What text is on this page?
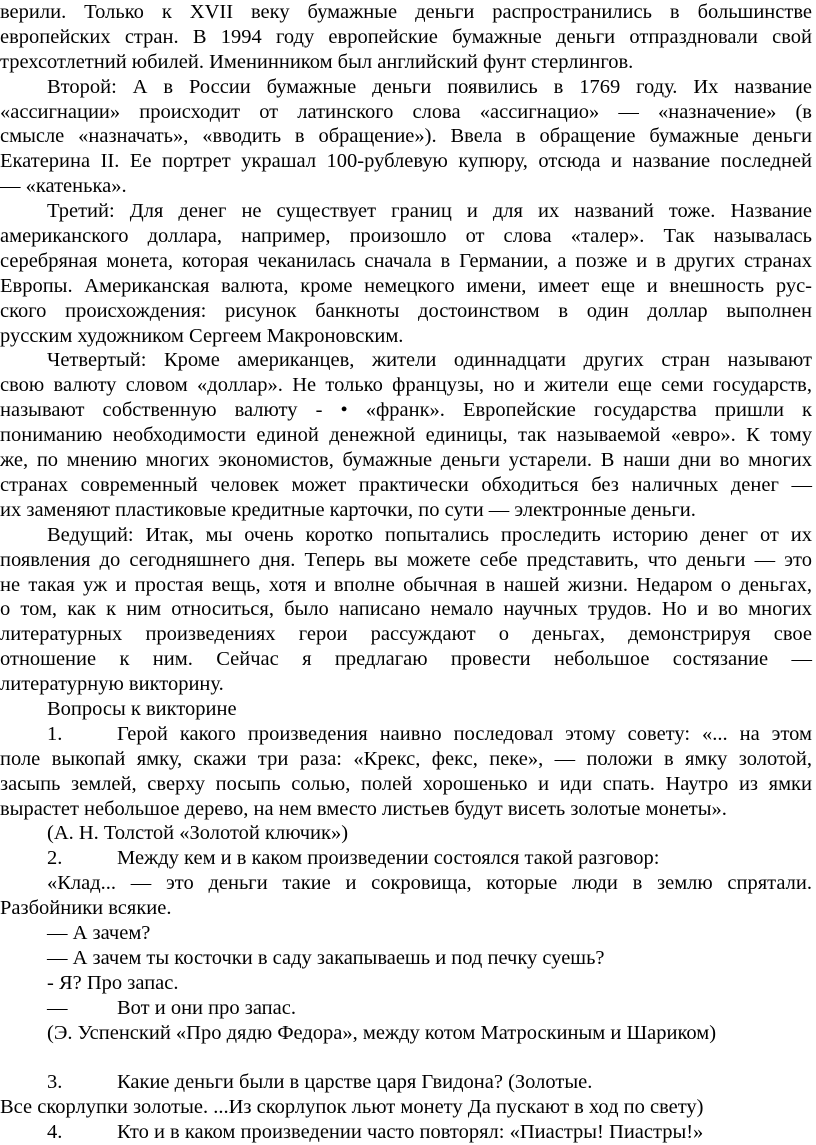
верили. Только к XVII веку бумажные деньги распространились в большинстве
европейских стран. В 1994 году европейские бумажные деньги отпраздновали свой
трехсотлетний юбилей. Именинником был английский фунт стерлингов.
Второй: А в России бумажные деньги появились в 1769 году. Их название
«ассигнации» происходит от латинского слова «ассигнацио» — «назначение» (в
смысле «назначать», «вводить в обращение»). Ввела в обращение бумажные деньги
Екатерина II. Ее портрет украшал 100-рублевую купюру, отсюда и название последней
— «катенька».
Третий: Для денег не существует границ и для их названий тоже. Название
американского доллара, например, произошло от слова «талер». Так называлась
серебряная монета, которая чеканилась сначала в Германии, а позже и в других странах
Европы. Американская валюта, кроме немецкого имени, имеет еще и внешность рус-
ского происхождения: рисунок банкноты достоинством в один доллар выполнен
русским художником Сергеем Макроновским.
Четвертый: Кроме американцев, жители одиннадцати других стран называют
свою валюту словом «доллар». Не только французы, но и жители еще семи государств,
называют собственную валюту - • «франк». Европейские государства пришли к
пониманию необходимости единой денежной единицы, так называемой «евро». К тому
же, по мнению многих экономистов, бумажные деньги устарели. В наши дни во многих
странах современный человек может практически обходиться без наличных денег —
их заменяют пластиковые кредитные карточки, по сути — электронные деньги.
Ведущий: Итак, мы очень коротко попытались проследить историю денег от их
появления до сегодняшнего дня. Теперь вы можете себе представить, что деньги — это
не такая уж и простая вещь, хотя и вполне обычная в нашей жизни. Недаром о деньгах,
о том, как к ним относиться, было написано немало научных трудов. Но и во многих
литературных произведениях герои рассуждают о деньгах, демонстрируя свое
отношение к ним. Сейчас я предлагаю провести небольшое состязание —
литературную викторину.
Вопросы к викторине
1.	Герой какого произведения наивно последовал этому совету: «... на этом
поле выкопай ямку, скажи три раза: «Крекс, фекс, пеке», — положи в ямку золотой,
засыпь землей, сверху посыпь солью, полей хорошенько и иди спать. Наутро из ямки
вырастет небольшое дерево, на нем вместо листьев будут висеть золотые монеты».
(А. Н. Толстой «Золотой ключик»)
2.	Между кем и в каком произведении состоялся такой разговор:
«Клад... — это деньги такие и сокровища, которые люди в землю спрятали.
Разбойники всякие.
— А зачем?
— А зачем ты косточки в саду закапываешь и под печку суешь?
- Я? Про запас.
— Вот и они про запас.
(Э. Успенский «Про дядю Федора», между котом Матроскиным и Шариком)
3.	Какие деньги были в царстве царя Гвидона? (Золотые.
Все скорлупки золотые. ...Из скорлупок льют монету Да пускают в ход по свету)
4.	Кто и в каком произведении часто повторял: «Пиастры! Пиастры!»
